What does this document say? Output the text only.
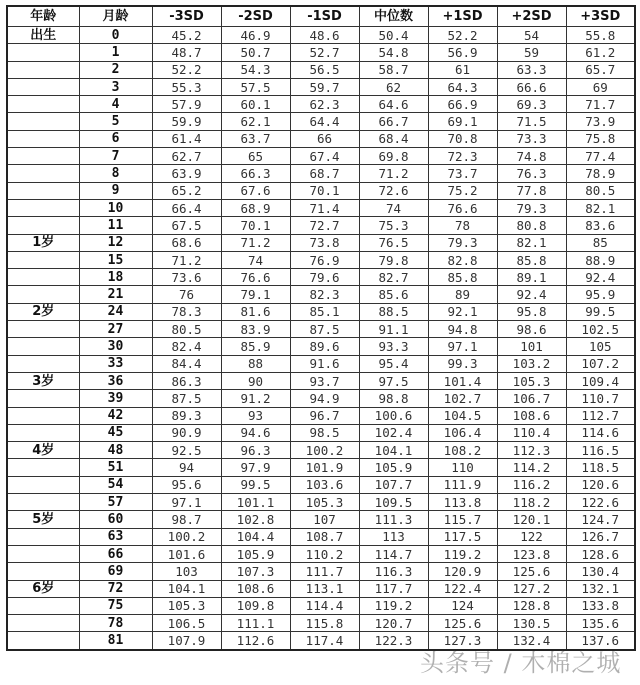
年龄	月龄	-3SD	-2SD	-1SD	中位数	+1SD	+2SD	+3SD
出生	0	45.2	46.9	48.6	50.4	52.2	54	55.8
	1	48.7	50.7	52.7	54.8	56.9	59	61.2
	2	52.2	54.3	56.5	58.7	61	63.3	65.7
	3	55.3	57.5	59.7	62	64.3	66.6	69
	4	57.9	60.1	62.3	64.6	66.9	69.3	71.7
	5	59.9	62.1	64.4	66.7	69.1	71.5	73.9
	6	61.4	63.7	66	68.4	70.8	73.3	75.8
	7	62.7	65	67.4	69.8	72.3	74.8	77.4
	8	63.9	66.3	68.7	71.2	73.7	76.3	78.9
	9	65.2	67.6	70.1	72.6	75.2	77.8	80.5
	10	66.4	68.9	71.4	74	76.6	79.3	82.1
	11	67.5	70.1	72.7	75.3	78	80.8	83.6
1岁	12	68.6	71.2	73.8	76.5	79.3	82.1	85
	15	71.2	74	76.9	79.8	82.8	85.8	88.9
	18	73.6	76.6	79.6	82.7	85.8	89.1	92.4
	21	76	79.1	82.3	85.6	89	92.4	95.9
2岁	24	78.3	81.6	85.1	88.5	92.1	95.8	99.5
	27	80.5	83.9	87.5	91.1	94.8	98.6	102.5
	30	82.4	85.9	89.6	93.3	97.1	101	105
	33	84.4	88	91.6	95.4	99.3	103.2	107.2
3岁	36	86.3	90	93.7	97.5	101.4	105.3	109.4
	39	87.5	91.2	94.9	98.8	102.7	106.7	110.7
	42	89.3	93	96.7	100.6	104.5	108.6	112.7
	45	90.9	94.6	98.5	102.4	106.4	110.4	114.6
4岁	48	92.5	96.3	100.2	104.1	108.2	112.3	116.5
	51	94	97.9	101.9	105.9	110	114.2	118.5
	54	95.6	99.5	103.6	107.7	111.9	116.2	120.6
	57	97.1	101.1	105.3	109.5	113.8	118.2	122.6
5岁	60	98.7	102.8	107	111.3	115.7	120.1	124.7
	63	100.2	104.4	108.7	113	117.5	122	126.7
	66	101.6	105.9	110.2	114.7	119.2	123.8	128.6
	69	103	107.3	111.7	116.3	120.9	125.6	130.4
6岁	72	104.1	108.6	113.1	117.7	122.4	127.2	132.1
	75	105.3	109.8	114.4	119.2	124	128.8	133.8
	78	106.5	111.1	115.8	120.7	125.6	130.5	135.6
	81	107.9	112.6	117.4	122.3	127.3	132.4	137.6
头条号 / 木棉之城
